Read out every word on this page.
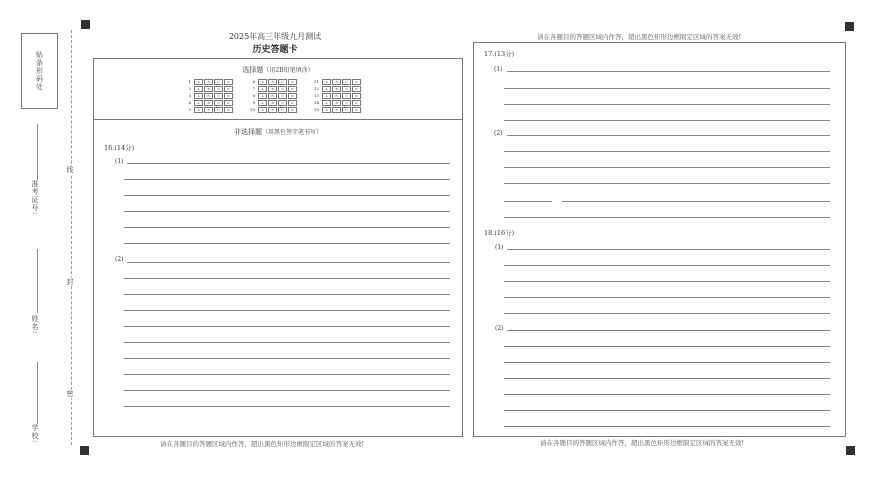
贴条形码处
准考证号:
姓名:
学校:
密
封
线
2025年高三年级九月测试
历史答题卡
选择题（用2B铅笔填涂）
1	A	B	C	D
2	A	B	C	D
3	A	B	C	D
4	A	B	C	D
5	A	B	C	D
6	A	B	C	D
7	A	B	C	D
8	A	B	C	D
9	A	B	C	D
10	A	B	C	D
11	A	B	C	D
12	A	B	C	D
13	A	B	C	D
14	A	B	C	D
15	A	B	C	D
非选择题（用黑色签字笔书写）
16.(14分)
(1)
(2)
请在各题目的答题区域内作答，超出黑色矩形边框限定区域的答案无效!
请在各题目的答题区域内作答，超出黑色矩形边框限定区域的答案无效!
17.(13分)
(1)
(2)
18.(16分)
(1)
(2)
请在各题目的答题区域内作答，超出黑色矩形边框限定区域的答案无效!
